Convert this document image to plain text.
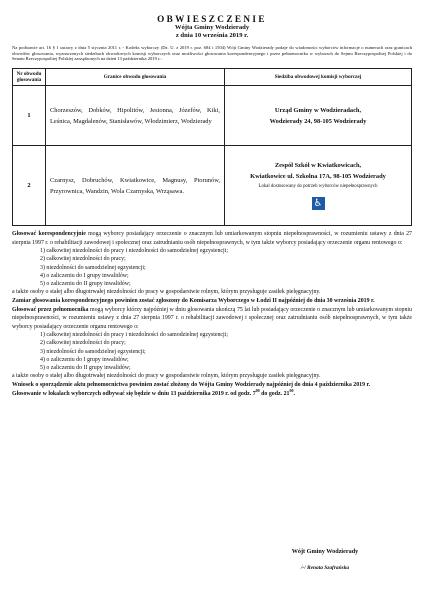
OBWIESZCZENIE

Wójta Gminy Wodzierady

z dnia 10 września 2019 r.

Na podstawie art. 16 § 1 ustawy z dnia 5 stycznia 2011 r. - Kodeks wyborczy (Dz. U. z 2019 r. poz. 684 i 1504) Wójt Gminy Wodzierady podaje do wiadomości wyborców informacje o numerach oraz granicach obwodów głosowania, wyznaczonych siedzibach obwodowych komisji wyborczych oraz możliwości głosowania korespondencyjnego i przez pełnomocnika w wyborach do Sejmu Rzeczypospolitej Polskiej i do Senatu Rzeczypospolitej Polskiej zarządzonych na dzień 13 października 2019 r.:

Nr obwodu głosowania	Granice obwodu głosowania	Siedziba obwodowej komisji wyborczej
1	Chorzeszów, Dobków, Hipolitów, Jesionna, Józefów, Kiki, Leśnica, Magdalenów, Stanisławów, Włodzimierz, Wodzierady	Urząd Gminy w Wodzieradach,

Wodzierady 24, 98-105 Wodzierady

2	Czarnysz, Dobruchów, Kwiatkowice, Magnusy, Piorunów, Przyrownica, Wandzin, Wola Czarnyska, Wrząsawa.	Zespół Szkół w Kwiatkowicach,

Kwiatkowice ul. Szkolna 17A, 98-105 Wodzierady

Lokal dostosowany do potrzeb wyborców niepełnosprawnych

♿

Głosować korespondencyjnie mogą wyborcy posiadający orzeczenie o znacznym lub umiarkowanym stopniu niepełnosprawności, w rozumieniu ustawy z dnia 27 sierpnia 1997 r. o rehabilitacji zawodowej i społecznej oraz zatrudnianiu osób niepełnosprawnych, w tym także wyborcy posiadający orzeczenie organu rentowego o:

1) całkowitej niezdolności do pracy i niezdolności do samodzielnej egzystencji;

2) całkowitej niezdolności do pracy;

3) niezdolności do samodzielnej egzystencji;

4) o zaliczeniu do I grupy inwalidów;

5) o zaliczeniu do II grupy inwalidów;

a także osoby o stałej albo długotrwałej niezdolności do pracy w gospodarstwie rolnym, którym przysługuje zasiłek pielęgnacyjny.

Zamiar głosowania korespondencyjnego powinien zostać zgłoszony do Komisarza Wyborczego w Łodzi II najpóźniej do dnia 30 września 2019 r.

Głosować przez pełnomocnika mogą wyborcy którzy najpóźniej w dniu głosowania ukończą 75 lat lub posiadający orzeczenie o znacznym lub umiarkowanym stopniu niepełnosprawności, w rozumieniu ustawy z dnia 27 sierpnia 1997 r. o rehabilitacji zawodowej i społecznej oraz zatrudnianiu osób niepełnosprawnych, w tym także wyborcy posiadający orzeczenie organu rentowego o:

1) całkowitej niezdolności do pracy i niezdolności do samodzielnej egzystencji;

2) całkowitej niezdolności do pracy;

3) niezdolności do samodzielnej egzystencji;

4) o zaliczeniu do I grupy inwalidów;

5) o zaliczeniu do II grupy inwalidów;

a także osoby o stałej albo długotrwałej niezdolności do pracy w gospodarstwie rolnym, którym przysługuje zasiłek pielęgnacyjny.

Wniosek o sporządzenie aktu pełnomocnictwa powinien zostać złożony do Wójta Gminy Wodzierady najpóźniej do dnia 4 października 2019 r.

Głosowanie w lokalach wyborczych odbywać się będzie w dniu 13 października 2019 r. od godz. $7^{00}$ do godz. $21^{00}$.

Wójt Gminy Wodzierady

/-/ Renata Szafrańska
